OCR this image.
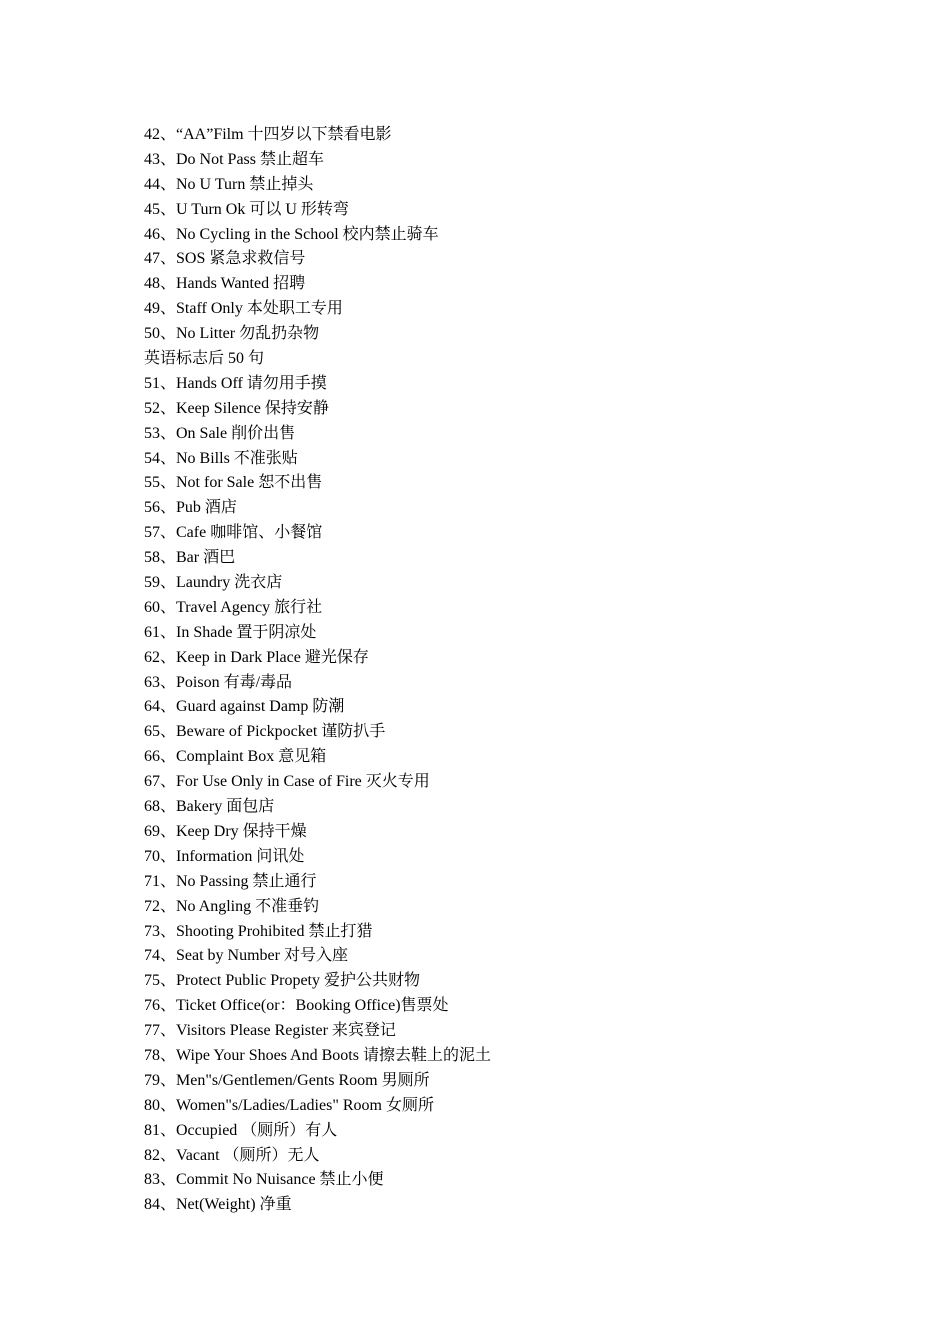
42、“AA”Film 十四岁以下禁看电影
43、Do Not Pass 禁止超车
44、No U Turn 禁止掉头
45、U Turn Ok 可以 U 形转弯
46、No Cycling in the School 校内禁止骑车
47、SOS 紧急求救信号
48、Hands Wanted 招聘
49、Staff Only 本处职工专用
50、No Litter 勿乱扔杂物
英语标志后 50 句
51、Hands Off 请勿用手摸
52、Keep Silence 保持安静
53、On Sale 削价出售
54、No Bills 不准张贴
55、Not for Sale 恕不出售
56、Pub 酒店
57、Cafe 咖啡馆、小餐馆
58、Bar 酒巴
59、Laundry 洗衣店
60、Travel Agency 旅行社
61、In Shade 置于阴凉处
62、Keep in Dark Place 避光保存
63、Poison 有毒/毒品
64、Guard against Damp 防潮
65、Beware of Pickpocket 谨防扒手
66、Complaint Box 意见箱
67、For Use Only in Case of Fire 灭火专用
68、Bakery 面包店
69、Keep Dry 保持干燥
70、Information 问讯处
71、No Passing 禁止通行
72、No Angling 不准垂钓
73、Shooting Prohibited 禁止打猎
74、Seat by Number 对号入座
75、Protect Public Propety 爱护公共财物
76、Ticket Office(or：Booking Office)售票处
77、Visitors Please Register 来宾登记
78、Wipe Your Shoes And Boots 请擦去鞋上的泥土
79、Men"s/Gentlemen/Gents Room 男厕所
80、Women"s/Ladies/Ladies" Room 女厕所
81、Occupied （厕所）有人
82、Vacant （厕所）无人
83、Commit No Nuisance 禁止小便
84、Net(Weight) 净重
